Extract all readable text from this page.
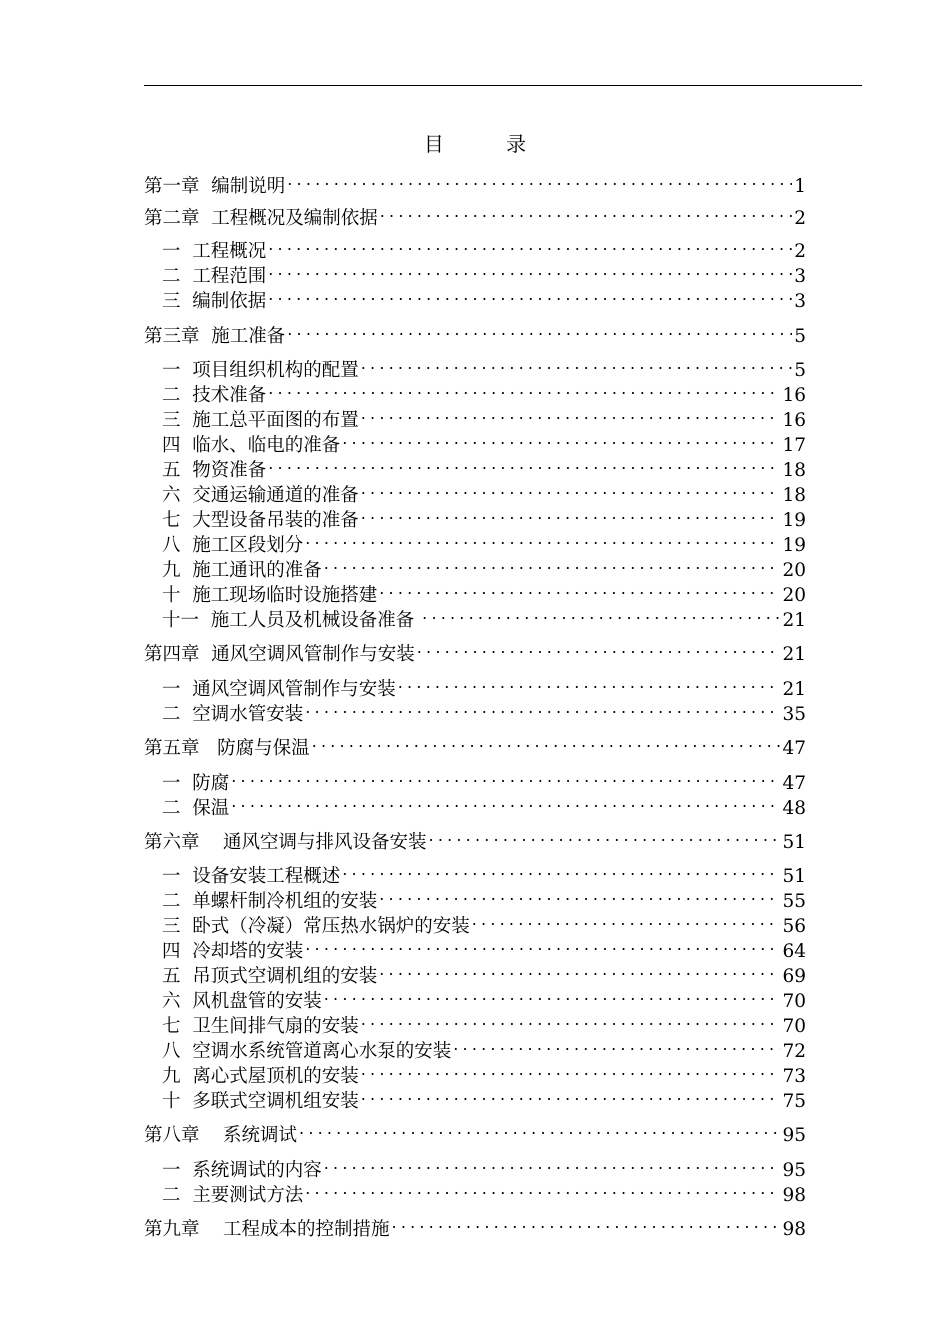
目 录
第一章  编制说明 .....	1
第二章  工程概况及编制依据 .....	2
一  工程概况 .....	2
二  工程范围 .....	3
三  编制依据 .....	3
第三章  施工准备 .....	5
一  项目组织机构的配置 .....	5
二  技术准备 .....	16
三  施工总平面图的布置 .....	16
四  临水、临电的准备 .....	17
五  物资准备 .....	18
六  交通运输通道的准备 .....	18
七  大型设备吊装的准备 .....	19
八  施工区段划分 .....	19
九  施工通讯的准备 .....	20
十  施工现场临时设施搭建 .....	20
十一  施工人员及机械设备准备 .....	21
第四章  通风空调风管制作与安装 .....	21
一  通风空调风管制作与安装 .....	21
二  空调水管安装 .....	35
第五章   防腐与保温 .....	47
一  防腐 .....	47
二  保温 .....	48
第六章    通风空调与排风设备安装 .....	51
一  设备安装工程概述 .....	51
二  单螺杆制冷机组的安装 .....	55
三  卧式（冷凝）常压热水锅炉的安装 .....	56
四  冷却塔的安装 .....	64
五  吊顶式空调机组的安装 .....	69
六  风机盘管的安装 .....	70
七  卫生间排气扇的安装 .....	70
八  空调水系统管道离心水泵的安装 .....	72
九  离心式屋顶机的安装 .....	73
十  多联式空调机组安装 .....	75
第八章    系统调试 .....	95
一  系统调试的内容 .....	95
二  主要测试方法 .....	98
第九章    工程成本的控制措施 .....	98
